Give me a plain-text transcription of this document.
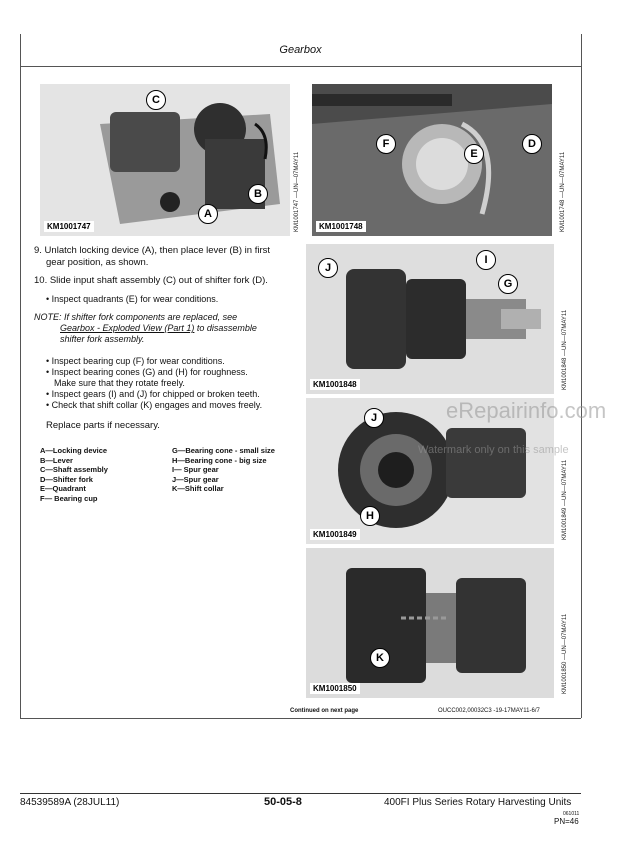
Gearbox
C
B
A
KM1001747	KM1001747 —UN—07MAY11
F
E
D
KM1001748	KM1001748 —UN—07MAY11
9. Unlatch locking device (A), then place lever (B) in first
gear position, as shown.
10. Slide input shaft assembly (C) out of shifter fork (D).
• Inspect quadrants (E) for wear conditions.
NOTE: If shifter fork components are replaced, see
Gearbox - Exploded View (Part 1) to disassemble
shifter fork assembly.
• Inspect bearing cup (F) for wear conditions.
• Inspect bearing cones (G) and (H) for roughness.
Make sure that they rotate freely.
• Inspect gears (I) and (J) for chipped or broken teeth.
• Check that shift collar (K) engages and moves freely.
Replace parts if necessary.
A—Locking device
B—Lever
C—Shaft assembly
D—Shifter fork
E—Quadrant
F— Bearing cup
G—Bearing cone - small size
H—Bearing cone - big size
I— Spur gear
J—Spur gear
K—Shift collar
J
I
G
KM1001848	KM1001848 —UN—07MAY11
J
H
KM1001849	KM1001849 —UN—07MAY11
K
KM1001850	KM1001850 —UN—07MAY11
eRepairinfo.com
Watermark only on this sample
Continued on next page	OUCC002,00032C3 -19-17MAY11-6/7
84539589A (28JUL11)	50-05-8	400FI Plus Series Rotary Harvesting Units
061011
PN=46
